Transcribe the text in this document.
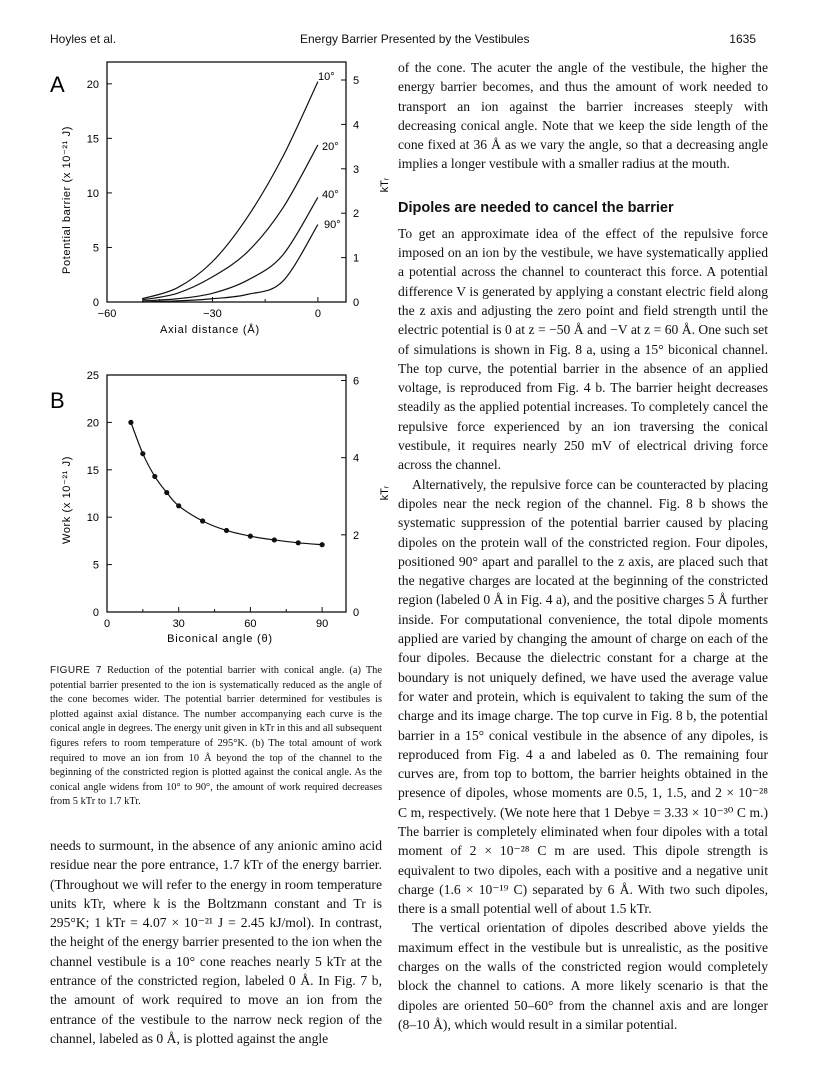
Hoyles et al.	Energy Barrier Presented by the Vestibules	1635
A
−60	−30	0
0
5
10
15
20
0
1
2
3
4
5
10°
20°
40°
90°
Axial distance (Å)
Potential barrier (x 10⁻²¹ J)	kTᵣ
B
0	30	60	90
0
5
10
15
20
25
0
2
4
6
Biconical angle (θ)
Work (x 10⁻²¹ J)	kTᵣ
FIGURE 7 Reduction of the potential barrier with conical angle. (a) The potential barrier presented to the ion is systematically reduced as the angle of the cone becomes wider. The potential barrier determined for vestibules is plotted against axial distance. The number accompanying each curve is the conical angle in degrees. The energy unit given in kTr in this and all subsequent figures refers to room temperature of 295°K. (b) The total amount of work required to move an ion from 10 Å beyond the top of the channel to the beginning of the constricted region is plotted against the conical angle. As the conical angle widens from 10° to 90°, the amount of work required decreases from 5 kTr to 1.7 kTr.
needs to surmount, in the absence of any anionic amino acid residue near the pore entrance, 1.7 kTr of the energy barrier. (Throughout we will refer to the energy in room temperature units kTr, where k is the Boltzmann constant and Tr is 295°K; 1 kTr = 4.07 × 10⁻²¹ J = 2.45 kJ/mol). In contrast, the height of the energy barrier presented to the ion when the channel vestibule is a 10° cone reaches nearly 5 kTr at the entrance of the constricted region, labeled 0 Å. In Fig. 7 b, the amount of work required to move an ion from the entrance of the vestibule to the narrow neck region of the channel, labeled as 0 Å, is plotted against the angle

of the cone. The acuter the angle of the vestibule, the higher the energy barrier becomes, and thus the amount of work needed to transport an ion against the barrier increases steeply with decreasing conical angle. Note that we keep the side length of the cone fixed at 36 Å as we vary the angle, so that a decreasing angle implies a longer vestibule with a smaller radius at the mouth.

Dipoles are needed to cancel the barrier

To get an approximate idea of the effect of the repulsive force imposed on an ion by the vestibule, we have systematically applied a potential across the channel to counteract this force. A potential difference V is generated by applying a constant electric field along the z axis and adjusting the zero point and field strength until the electric potential is 0 at z = −50 Å and −V at z = 60 Å. One such set of simulations is shown in Fig. 8 a, using a 15° biconical channel. The top curve, the potential barrier in the absence of an applied voltage, is reproduced from Fig. 4 b. The barrier height decreases steadily as the applied potential increases. To completely cancel the repulsive force experienced by an ion traversing the conical vestibule, it requires nearly 250 mV of electrical driving force across the channel.

Alternatively, the repulsive force can be counteracted by placing dipoles near the neck region of the channel. Fig. 8 b shows the systematic suppression of the potential barrier caused by placing dipoles on the protein wall of the constricted region. Four dipoles, positioned 90° apart and parallel to the z axis, are placed such that the negative charges are located at the beginning of the constricted region (labeled 0 Å in Fig. 4 a), and the positive charges 5 Å further inside. For computational convenience, the total dipole moments applied are varied by changing the amount of charge on each of the four dipoles. Because the dielectric constant for a charge at the boundary is not uniquely defined, we have used the average value for water and protein, which is equivalent to taking the sum of the charge and its image charge. The top curve in Fig. 8 b, the potential barrier in a 15° conical vestibule in the absence of any dipoles, is reproduced from Fig. 4 a and labeled as 0. The remaining four curves are, from top to bottom, the barrier heights obtained in the presence of dipoles, whose moments are 0.5, 1, 1.5, and 2 × 10⁻²⁸ C m, respectively. (We note here that 1 Debye = 3.33 × 10⁻³⁰ C m.) The barrier is completely eliminated when four dipoles with a total moment of 2 × 10⁻²⁸ C m are used. This dipole strength is equivalent to two dipoles, each with a positive and a negative unit charge (1.6 × 10⁻¹⁹ C) separated by 6 Å. With two such dipoles, there is a small potential well of about 1.5 kTr.

The vertical orientation of dipoles described above yields the maximum effect in the vestibule but is unrealistic, as the positive charges on the walls of the constricted region would completely block the channel to cations. A more likely scenario is that the dipoles are oriented 50–60° from the channel axis and are longer (8–10 Å), which would result in a similar potential.
